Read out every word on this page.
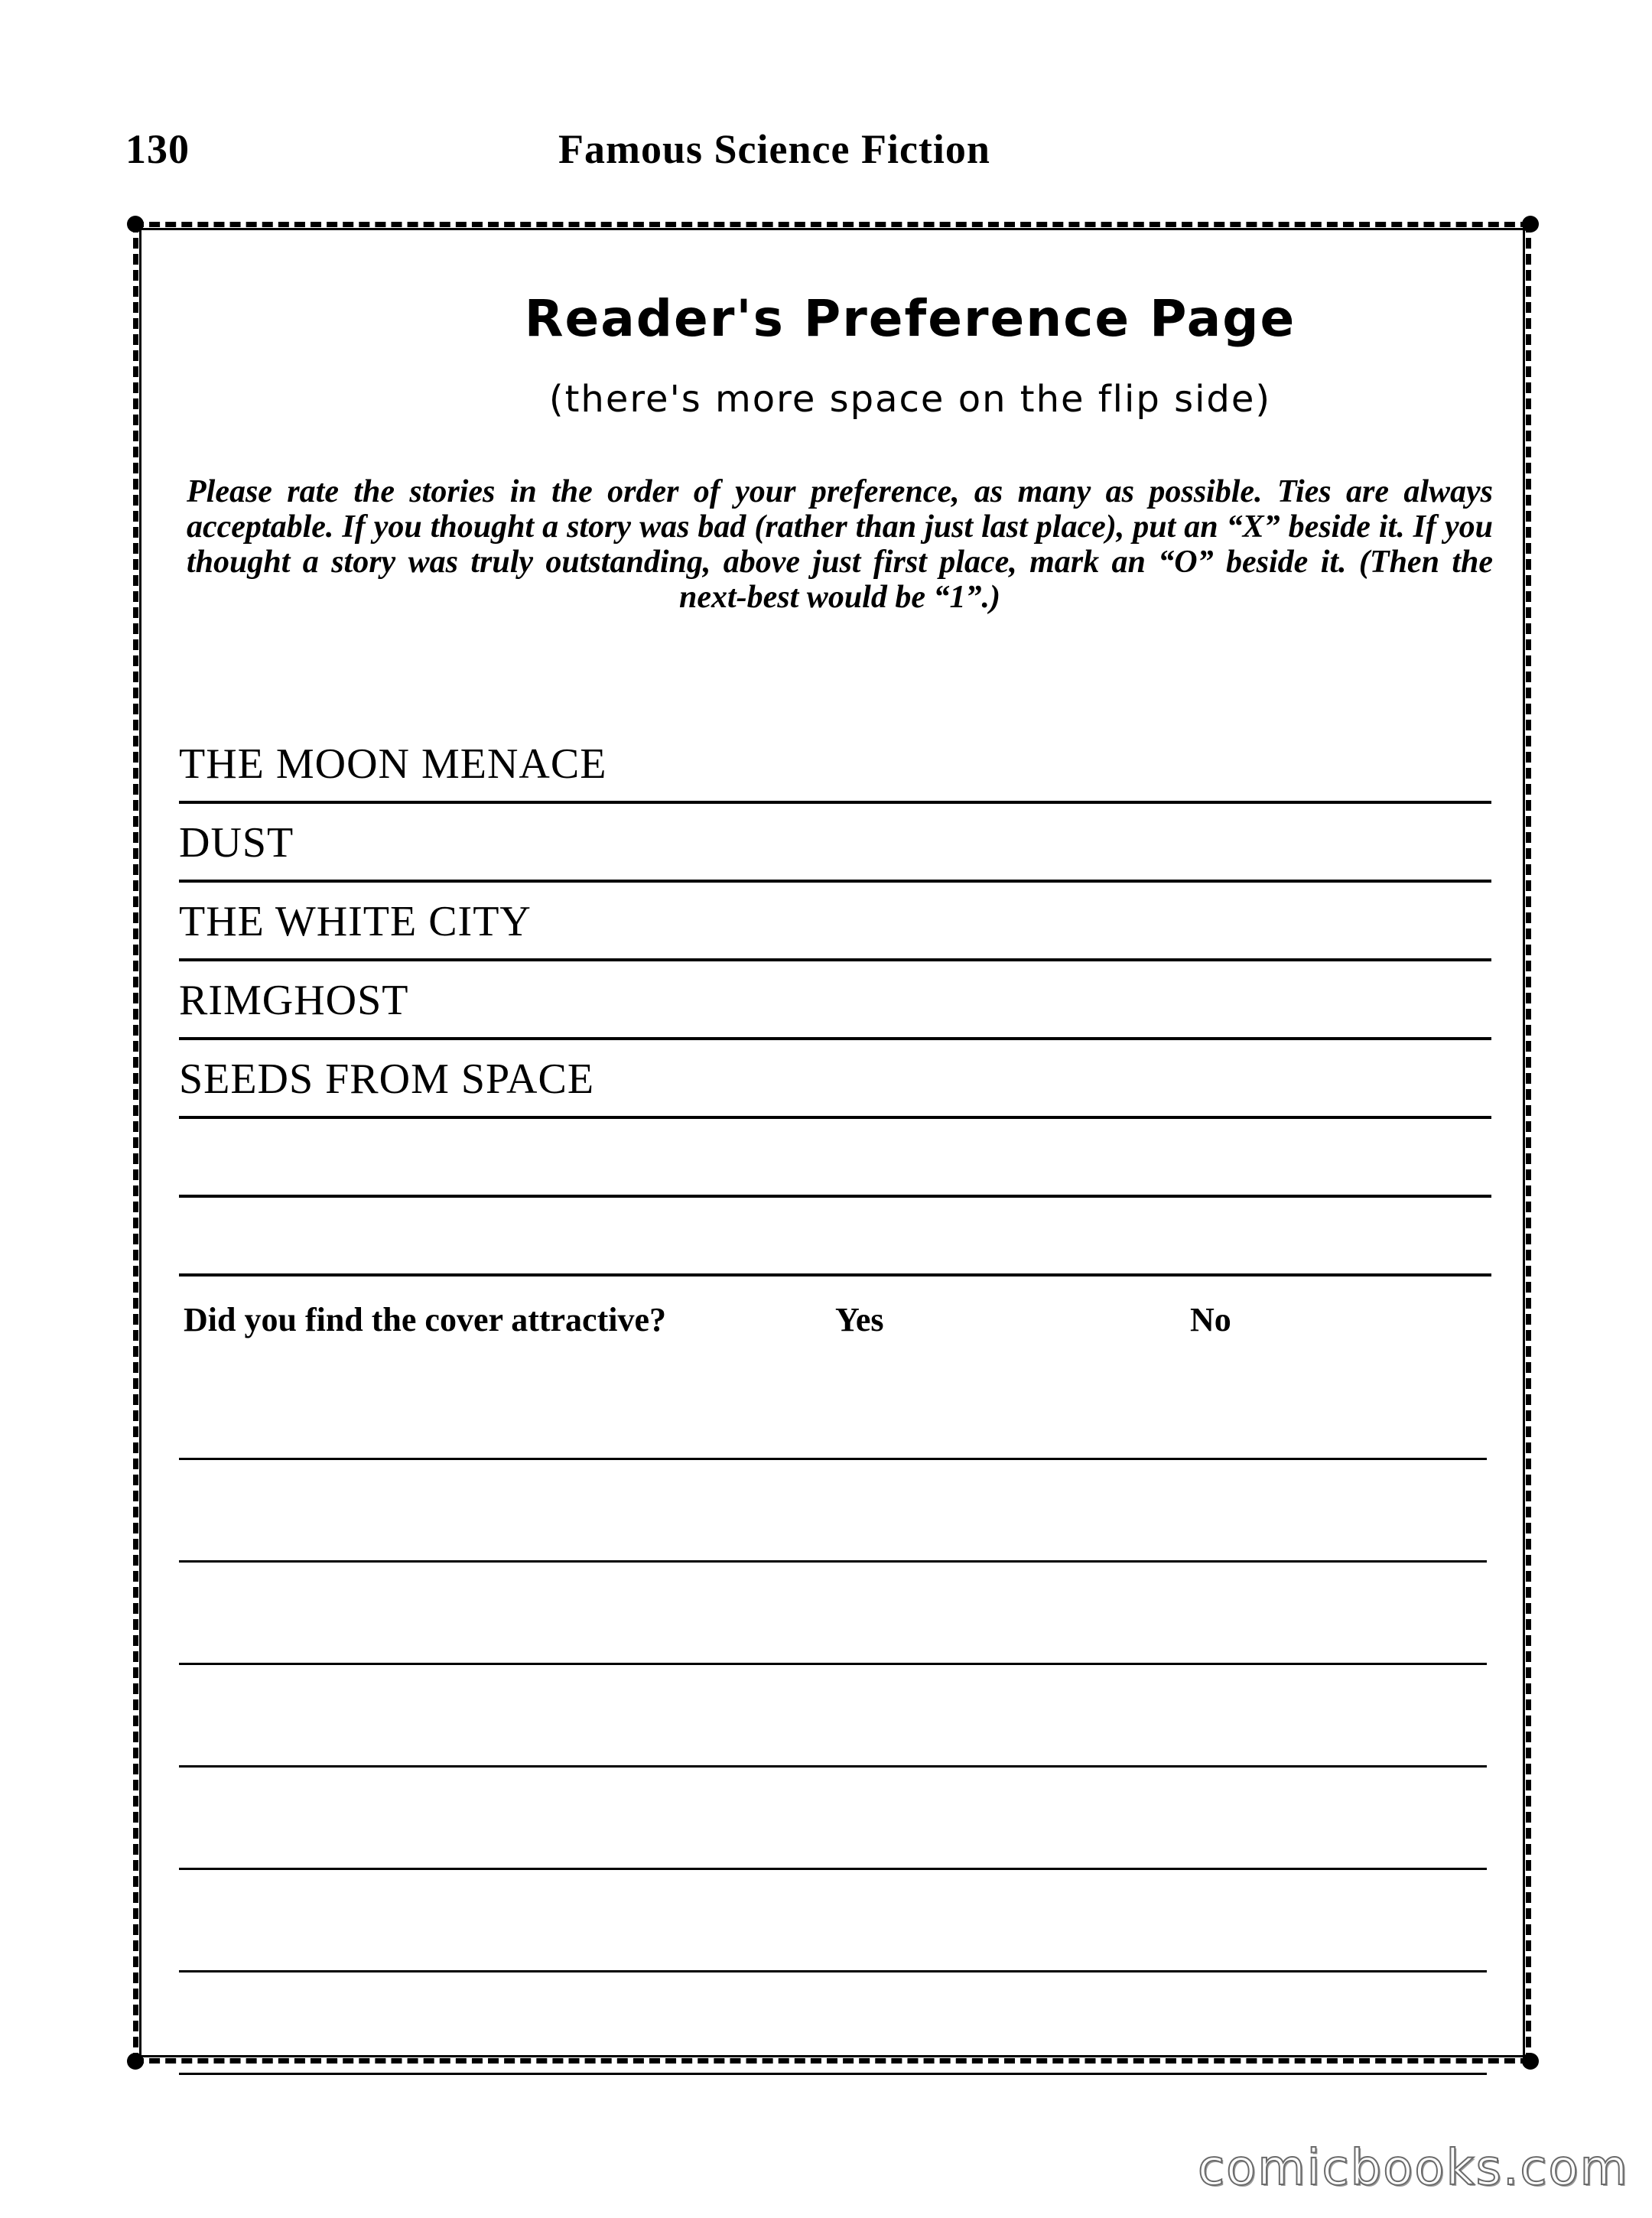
130	Famous Science Fiction
Reader's Preference Page
(there's more space on the flip side)
Please rate the stories in the order of your preference, as many as possible. Ties are always acceptable. If you thought a story was bad (rather than just last place), put an “X” beside it. If you thought a story was truly outstanding, above just first place, mark an “O” beside it. (Then the next-best would be “1”.)
THE MOON MENACE
DUST
THE WHITE CITY
RIMGHOST
SEEDS FROM SPACE
Did you find the cover attractive?	Yes	No
comicbooks.com
